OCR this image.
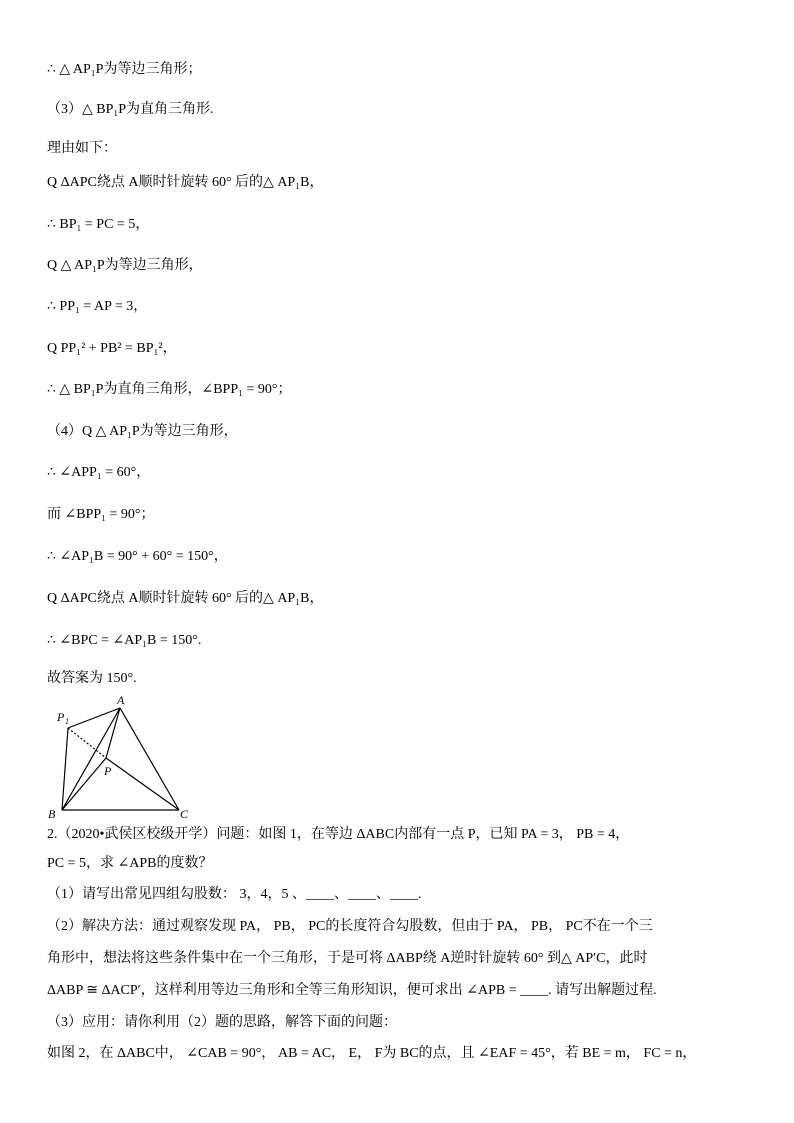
∴ △ AP₁P为等边三角形；
（3）△ BP₁P为直角三角形.
理由如下：
Q ΔAPC绕点 A顺时针旋转 60° 后的△ AP₁B，
∴ BP₁ = PC = 5，
Q △ AP₁P为等边三角形，
∴ PP₁ = AP = 3，
Q PP₁² + PB² = BP₁²，
∴ △ BP₁P为直角三角形，∠BPP₁ = 90°；
（4）Q △ AP₁P为等边三角形，
∴ ∠APP₁ = 60°，
而 ∠BPP₁ = 90°；
∴ ∠AP₁B = 90° + 60° = 150°，
Q ΔAPC绕点 A顺时针旋转 60° 后的△ AP₁B，
∴ ∠BPC = ∠AP₁B = 150°.
故答案为 150°.
A
P 1
P
B	C
2.（2020•武侯区校级开学）问题：如图 1，在等边 ΔABC内部有一点 P，已知 PA = 3， PB = 4，
PC = 5，求 ∠APB的度数？
（1）请写出常见四组勾股数： 3，4，5 、____、____、____.
（2）解决方法：通过观察发现 PA， PB， PC的长度符合勾股数，但由于 PA， PB， PC不在一个三
角形中，想法将这些条件集中在一个三角形，于是可将 ΔABP绕 A逆时针旋转 60° 到△ AP′C，此时
ΔABP ≅ ΔACP′，这样利用等边三角形和全等三角形知识，便可求出 ∠APB = ____. 请写出解题过程.
（3）应用：请你利用（2）题的思路，解答下面的问题：
如图 2，在 ΔABC中， ∠CAB = 90°， AB = AC， E， F为 BC的点，且 ∠EAF = 45°，若 BE = m， FC = n，
